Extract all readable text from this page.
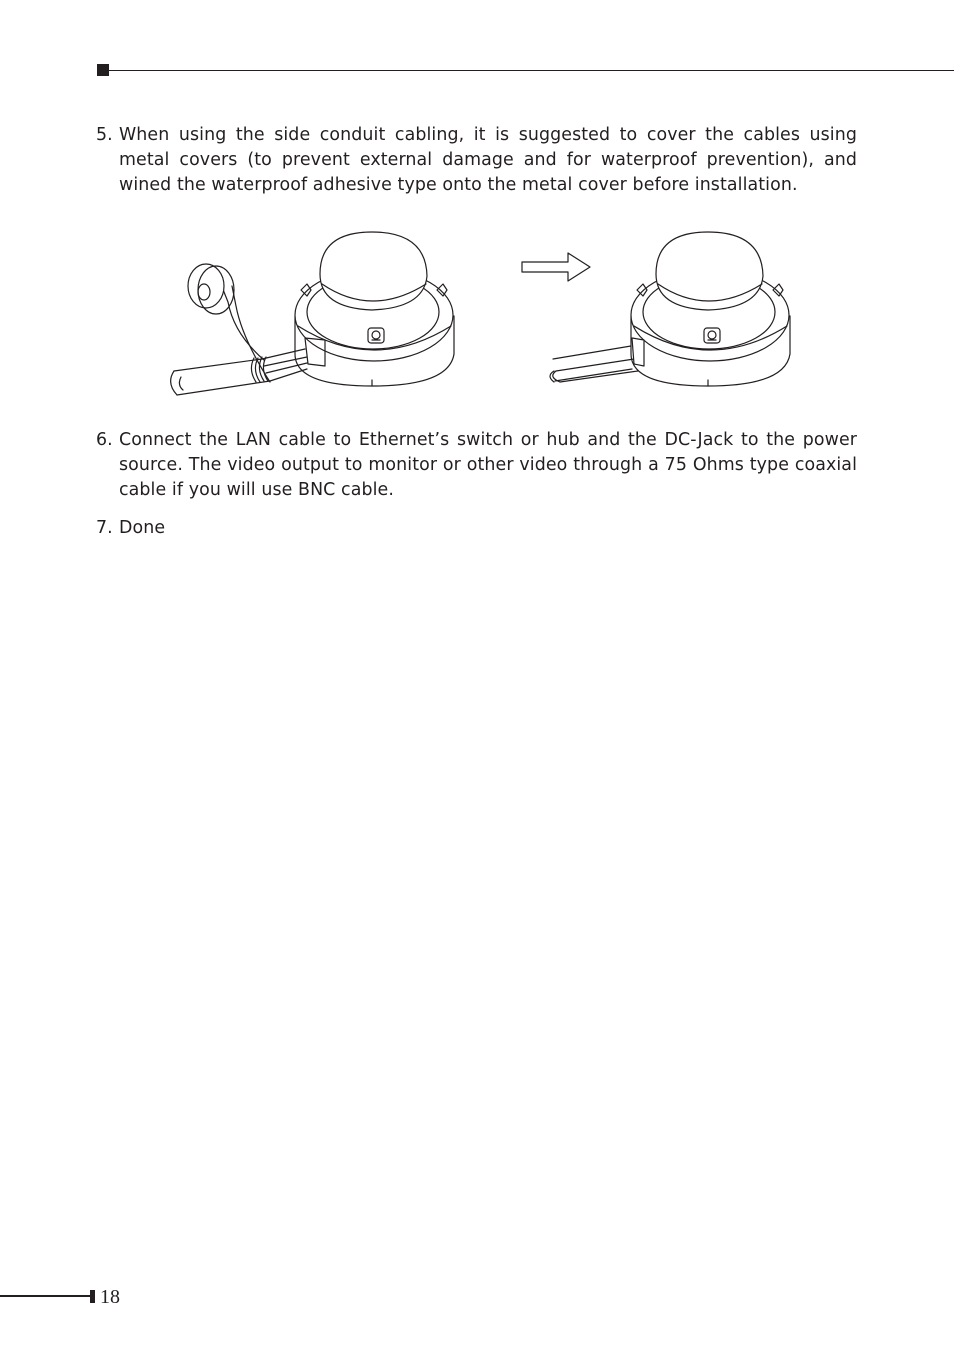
5. When using the side conduit cabling, it is suggested to cover the cables using metal covers (to prevent external damage and for waterproof prevention), and wined the waterproof adhesive type onto the metal cover before installation.
6. Connect the LAN cable to Ethernet’s switch or hub and the DC-Jack to the power source. The video output to monitor or other video through a 75 Ohms type coaxial cable if you will use BNC cable.
7. Done
18
